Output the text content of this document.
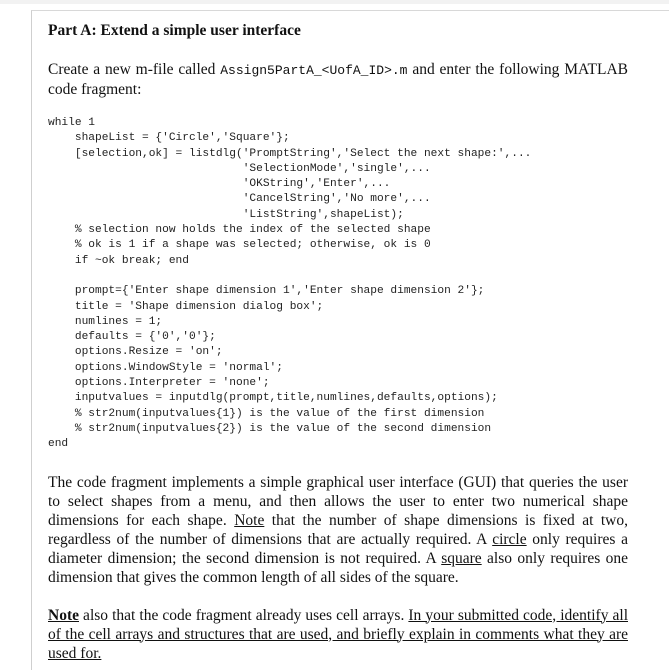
Part A: Extend a simple user interface

Create a new m-file called Assign5PartA_<UofA_ID>.m and enter the following MATLAB code fragment:

while 1
shapeList = {'Circle','Square'};
[selection,ok] = listdlg('PromptString','Select the next shape:',...
'SelectionMode','single',...
'OKString','Enter',...
'CancelString','No more',...
'ListString',shapeList);
% selection now holds the index of the selected shape
% ok is 1 if a shape was selected; otherwise, ok is 0
if ~ok break; end

prompt={'Enter shape dimension 1','Enter shape dimension 2'};
title = 'Shape dimension dialog box';
numlines = 1;
defaults = {'0','0'};
options.Resize = 'on';
options.WindowStyle = 'normal';
options.Interpreter = 'none';
inputvalues = inputdlg(prompt,title,numlines,defaults,options);
% str2num(inputvalues{1}) is the value of the first dimension
% str2num(inputvalues{2}) is the value of the second dimension
end

The code fragment implements a simple graphical user interface (GUI) that queries the user to select shapes from a menu, and then allows the user to enter two numerical shape dimensions for each shape. Note that the number of shape dimensions is fixed at two, regardless of the number of dimensions that are actually required. A circle only requires a diameter dimension; the second dimension is not required. A square also only requires one dimension that gives the common length of all sides of the square.

Note also that the code fragment already uses cell arrays. In your submitted code, identify all of the cell arrays and structures that are used, and briefly explain in comments what they are used for.
